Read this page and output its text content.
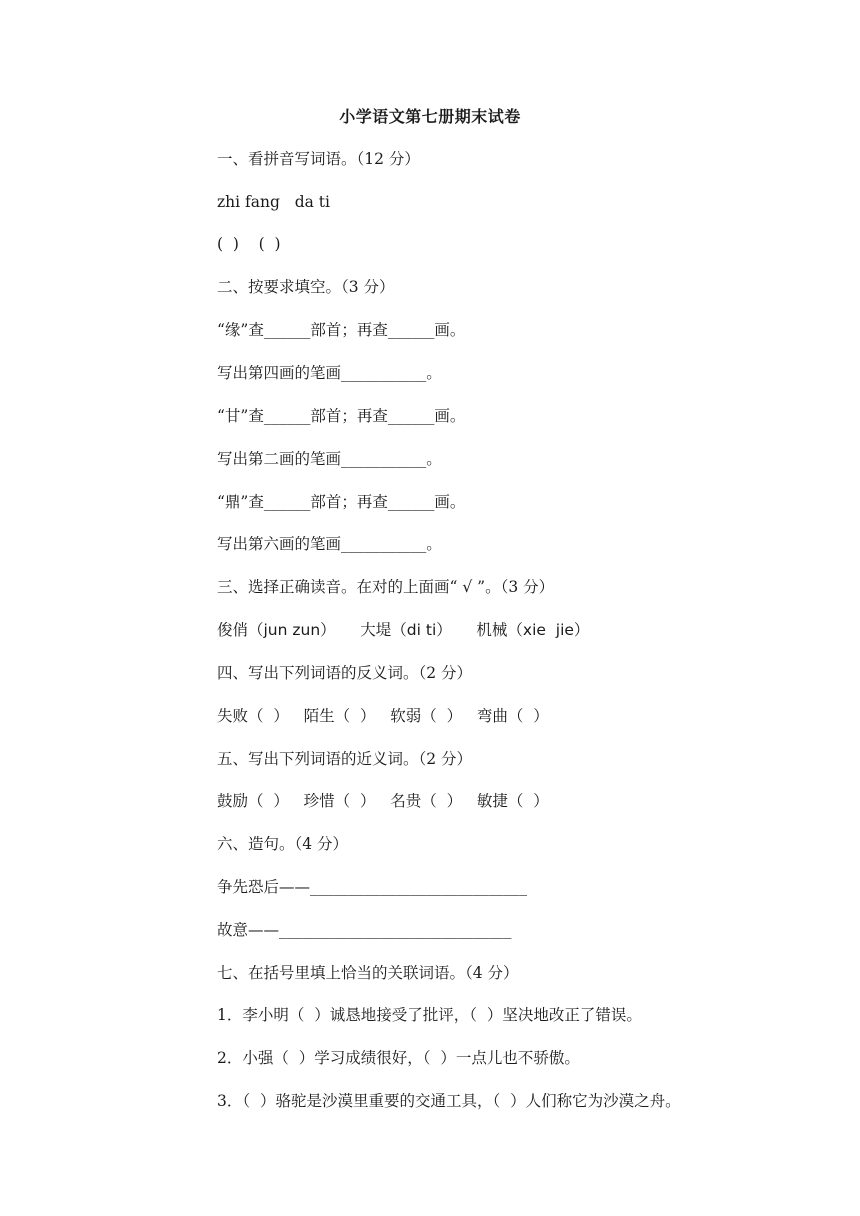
小学语文第七册期末试卷
一、看拼音写词语。（12 分）
zhi fang   da ti
(  )    (  )
二、按要求填空。（3 分）
“缘”查______部首；再查______画。
写出第四画的笔画___________。
“甘”查______部首；再查______画。
写出第二画的笔画___________。
“鼎”查______部首；再查______画。
写出第六画的笔画___________。
三、选择正确读音。在对的上面画“ √ ”。（3 分）
俊俏（jun zun）     大堤（di ti）     机械（xie  jie）
四、写出下列词语的反义词。（2 分）
失败（  ）   陌生（  ）   软弱（  ）   弯曲（  ）
五、写出下列词语的近义词。（2 分）
鼓励（  ）   珍惜（  ）   名贵（  ）   敏捷（  ）
六、造句。（4 分）
争先恐后——____________________________
故意——______________________________
七、在括号里填上恰当的关联词语。（4 分）
1．李小明（  ）诚恳地接受了批评，（  ）坚决地改正了错误。
2．小强（  ）学习成绩很好，（  ）一点儿也不骄傲。
3．（  ）骆驼是沙漠里重要的交通工具，（  ）人们称它为沙漠之舟。
